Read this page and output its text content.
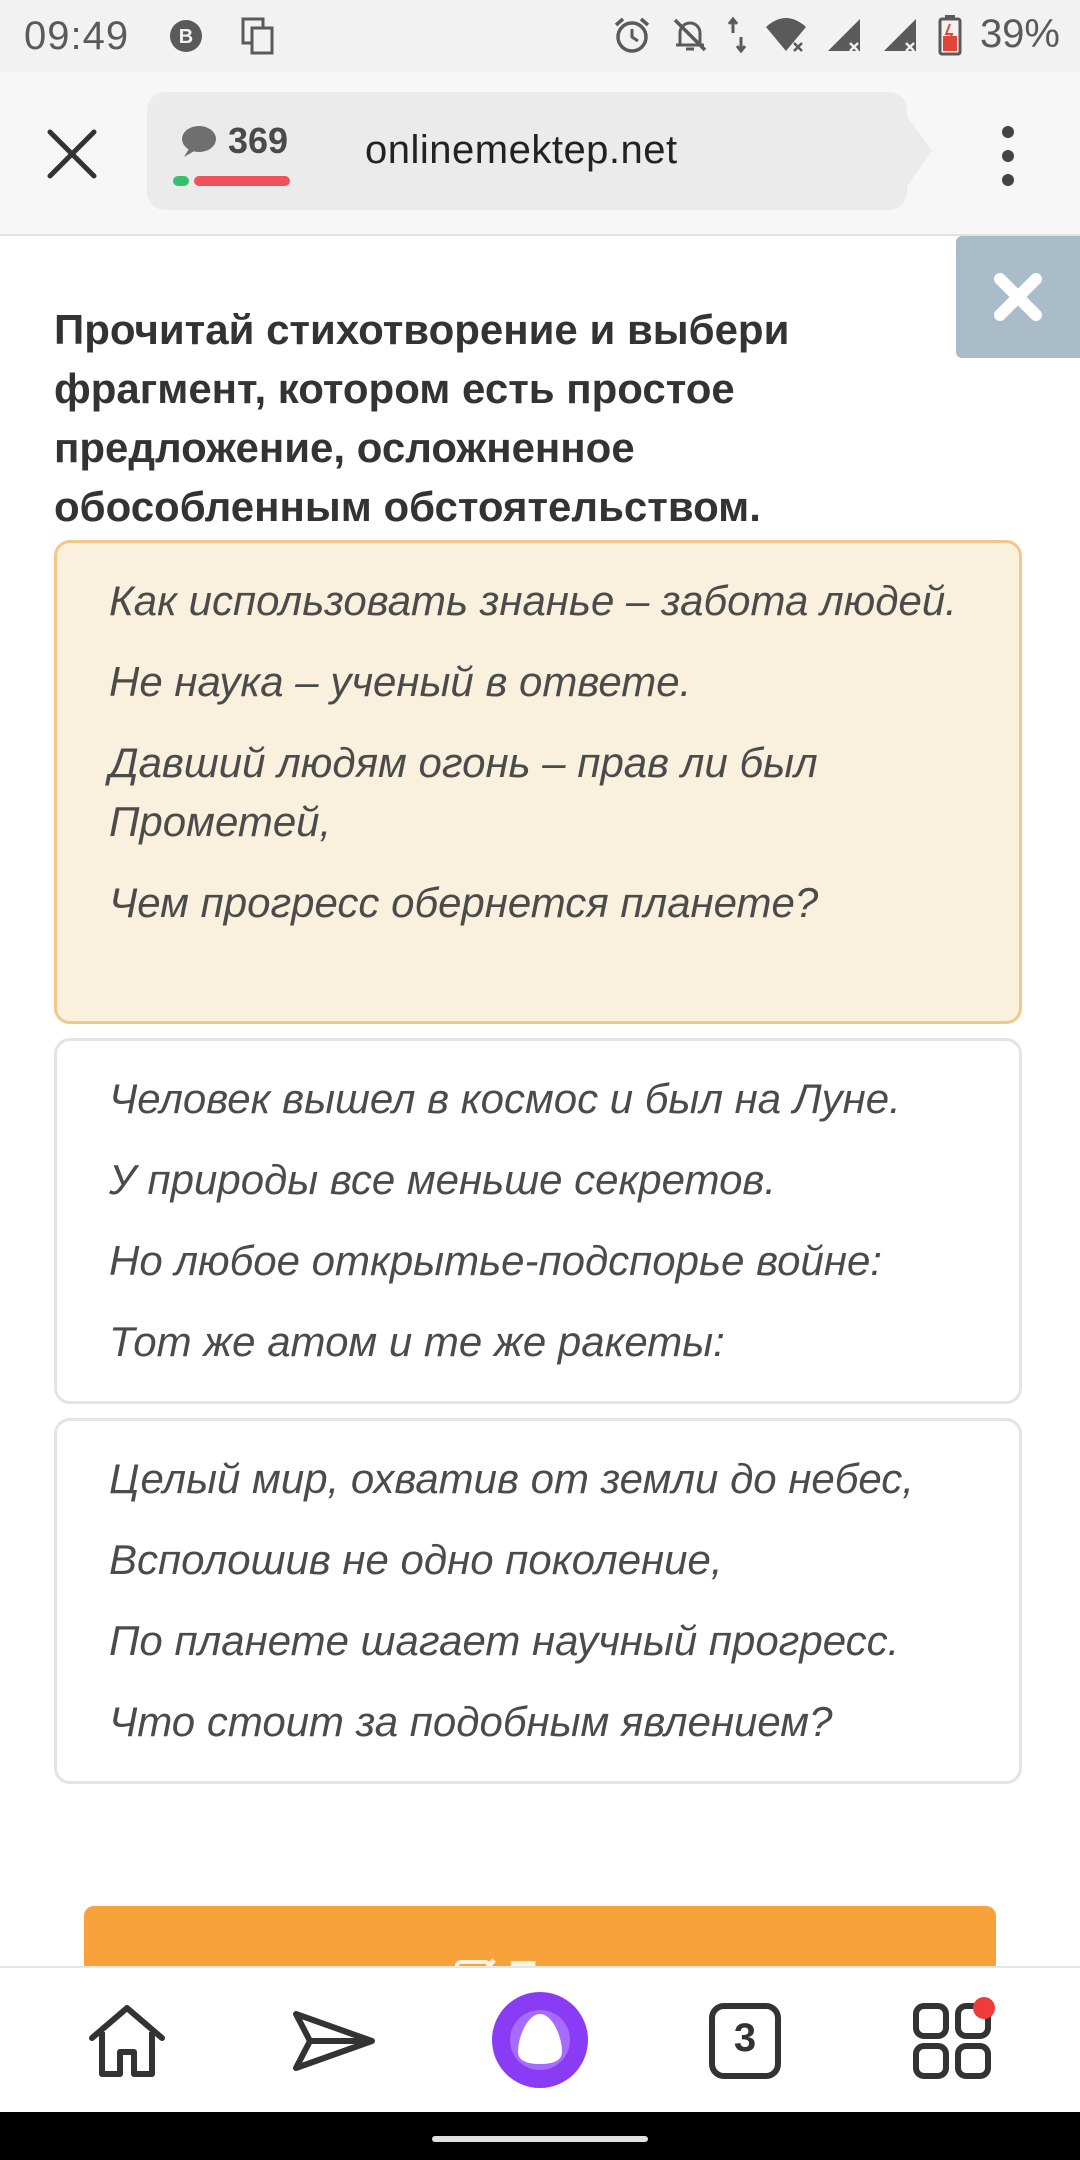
09:49 B	39%
369 onlinemektep.net
Прочитай стихотворение и выбери фрагмент, котором есть простое предложение, осложненное обособленным обстоятельством.
Как использовать знанье – забота людей.
Не наука – ученый в ответе.
Давший людям огонь – прав ли был Прометей,
Чем прогресс обернется планете?
Человек вышел в космос и был на Луне.
У природы все меньше секретов.
Но любое открытье-подспорье войне:
Тот же атом и те же ракеты:
Целый мир, охватив от земли до небес,
Всполошив не одно поколение,
По планете шагает научный прогресс.
Что стоит за подобным явлением?
3
